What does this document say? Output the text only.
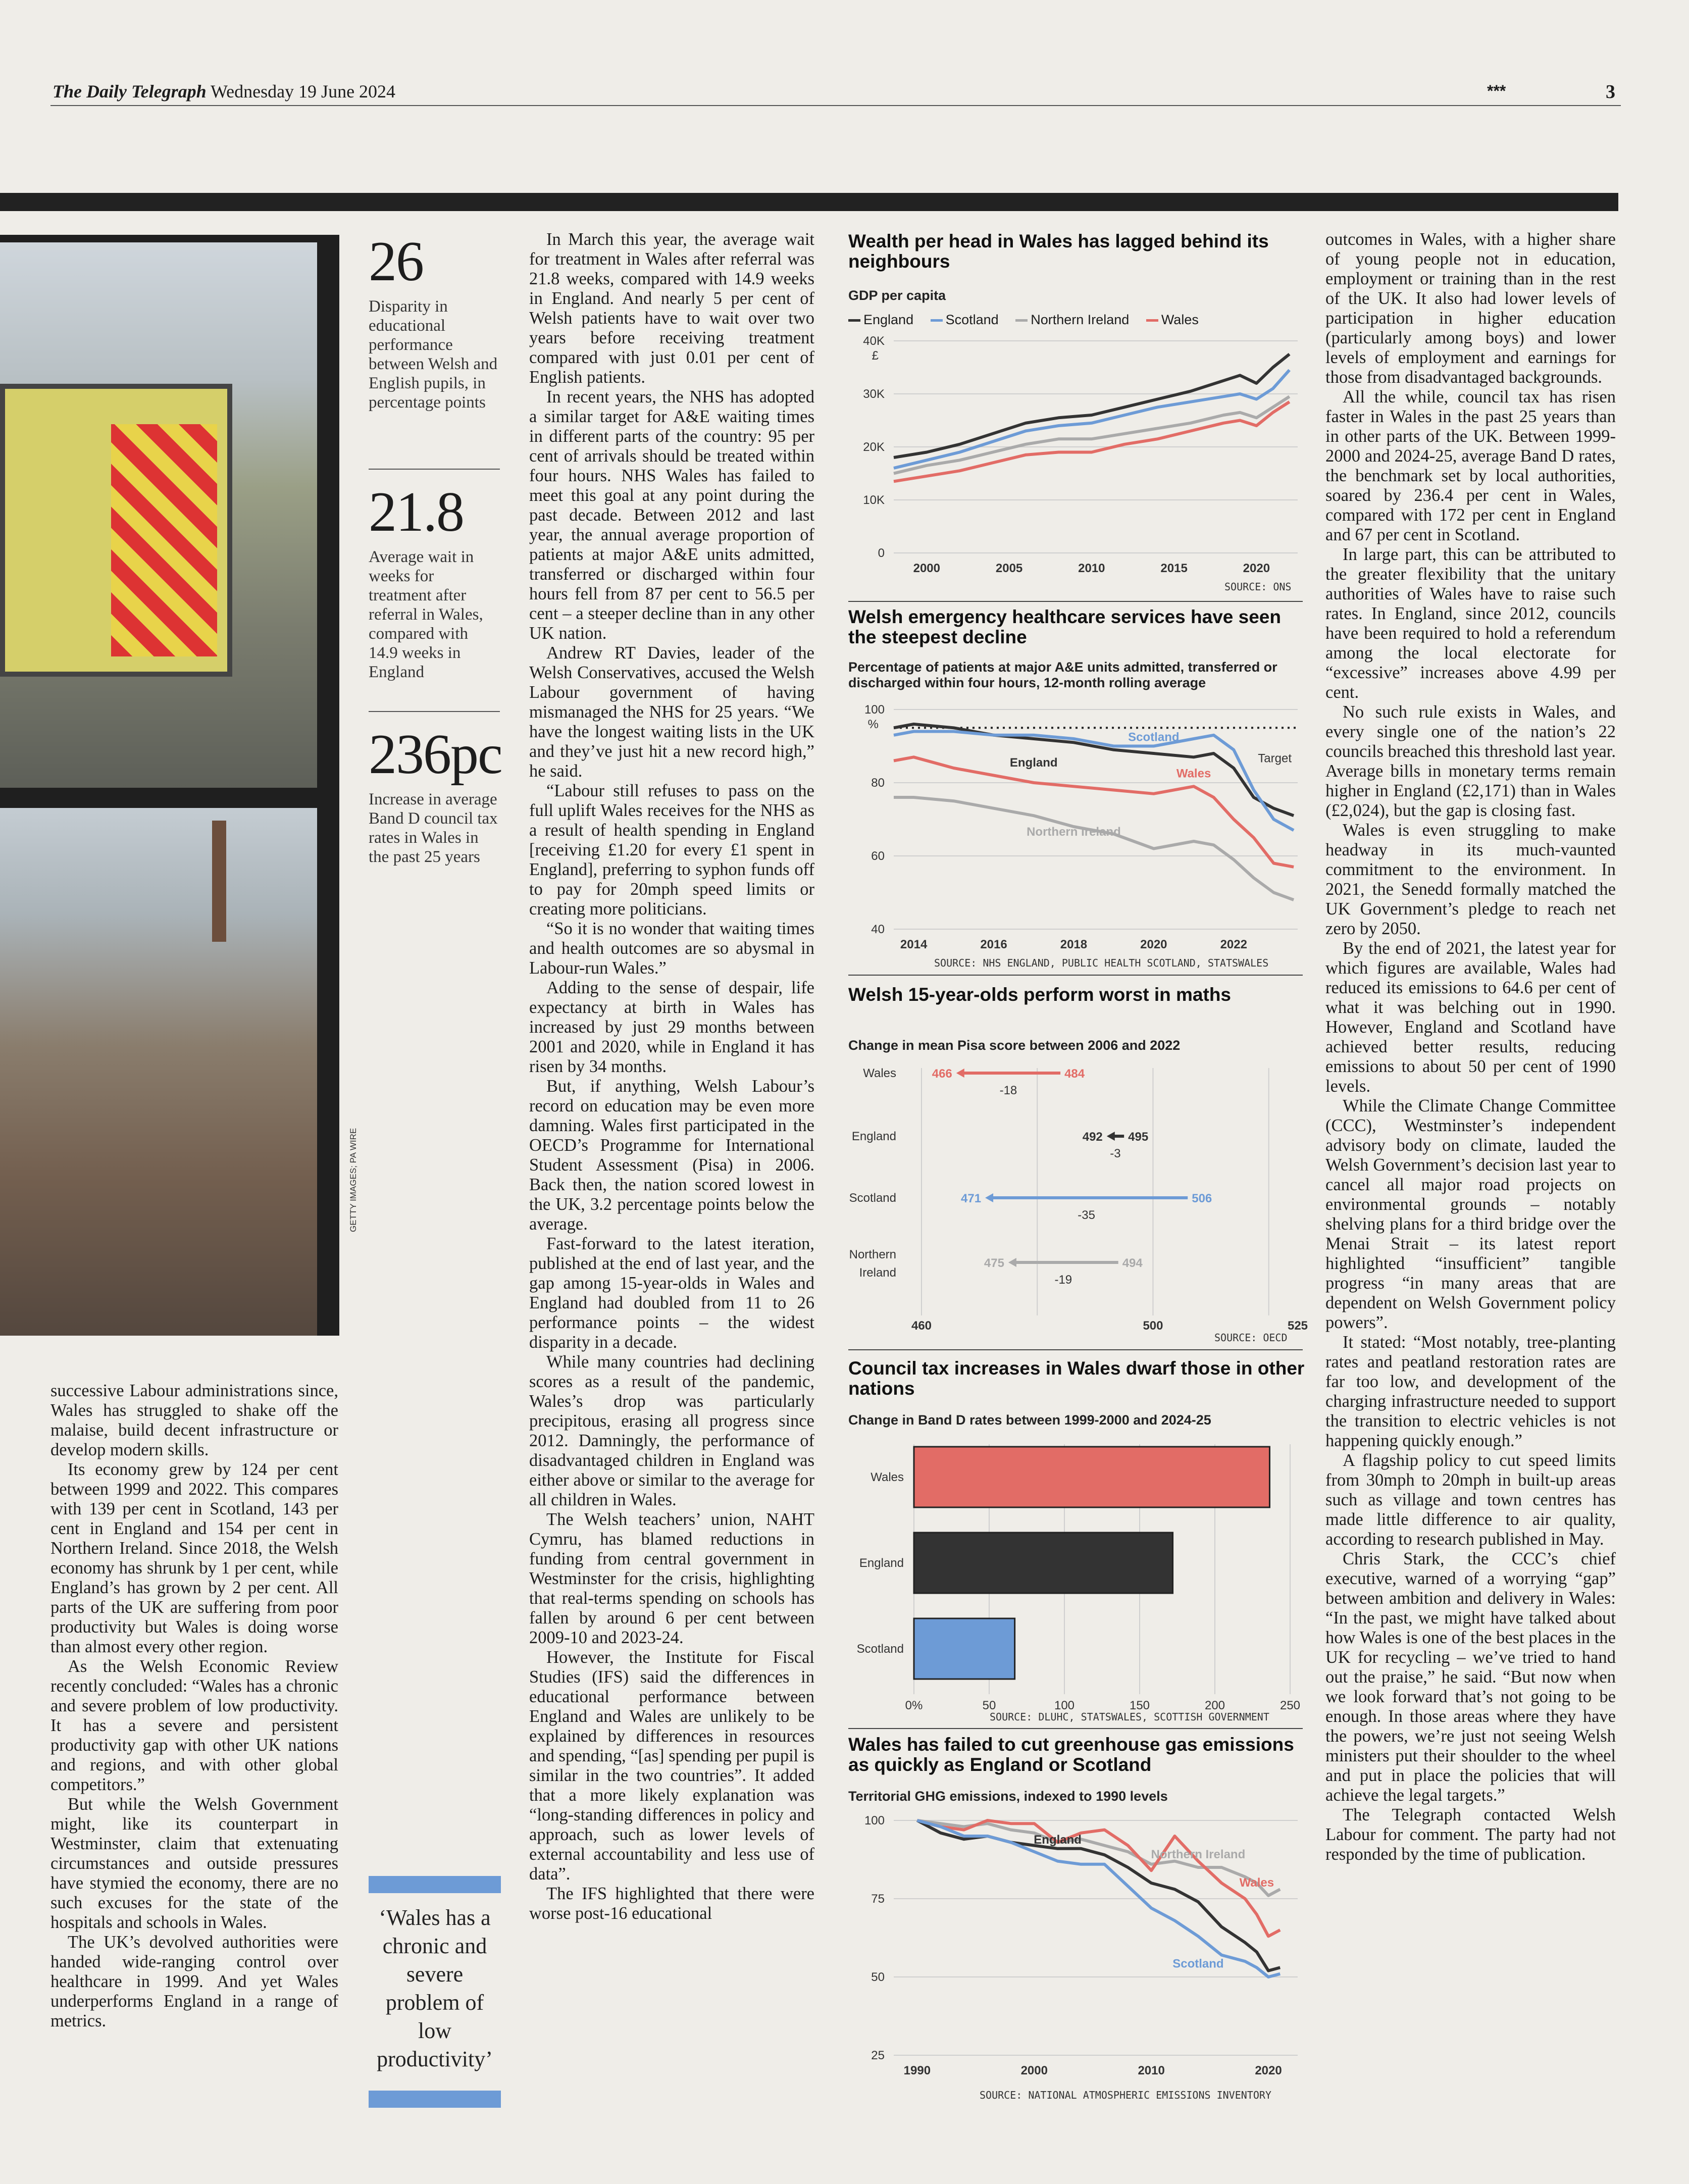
The Daily Telegraph Wednesday 19 June 2024	***	3
GETTY IMAGES; PA WIRE
26
Disparity in educational performance between Welsh and English pupils, in percentage points
21.8
Average wait in weeks for treatment after referral in Wales, compared with 14.9 weeks in England
236pc
Increase in average Band D council tax rates in Wales in the past 25 years
‘Wales has a chronic and severe problem of low productivity’

successive Labour administrations since, Wales has struggled to shake off the malaise, build decent infrastructure or develop modern skills.

Its economy grew by 124 per cent between 1999 and 2022. This compares with 139 per cent in Scotland, 143 per cent in England and 154 per cent in Northern Ireland. Since 2018, the Welsh economy has shrunk by 1 per cent, while England’s has grown by 2 per cent. All parts of the UK are suffering from poor productivity but Wales is doing worse than almost every other region.

As the Welsh Economic Review recently concluded: “Wales has a chronic and severe problem of low productivity. It has a severe and persistent productivity gap with other UK nations and regions, and with other global competitors.”

But while the Welsh Government might, like its counterpart in Westminster, claim that extenuating circumstances and outside pressures have stymied the economy, there are no such excuses for the state of the hospitals and schools in Wales.

The UK’s devolved authorities were handed wide-ranging control over healthcare in 1999. And yet Wales underperforms England in a range of metrics.

In March this year, the average wait for treatment in Wales after referral was 21.8 weeks, compared with 14.9 weeks in England. And nearly 5 per cent of Welsh patients have to wait over two years before receiving treatment compared with just 0.01 per cent of English patients.

In recent years, the NHS has adopted a similar target for A&E waiting times in different parts of the country: 95 per cent of arrivals should be treated within four hours. NHS Wales has failed to meet this goal at any point during the past decade. Between 2012 and last year, the annual average proportion of patients at major A&E units admitted, transferred or discharged within four hours fell from 87 per cent to 56.5 per cent – a steeper decline than in any other UK nation.

Andrew RT Davies, leader of the Welsh Conservatives, accused the Welsh Labour government of having mismanaged the NHS for 25 years. “We have the longest waiting lists in the UK and they’ve just hit a new record high,” he said.

“Labour still refuses to pass on the full uplift Wales receives for the NHS as a result of health spending in England [receiving £1.20 for every £1 spent in England], preferring to syphon funds off to pay for 20mph speed limits or creating more politicians.

“So it is no wonder that waiting times and health outcomes are so abysmal in Labour-run Wales.”

Adding to the sense of despair, life expectancy at birth in Wales has increased by just 29 months between 2001 and 2020, while in England it has risen by 34 months.

But, if anything, Welsh Labour’s record on education may be even more damning. Wales first participated in the OECD’s Programme for International Student Assessment (Pisa) in 2006. Back then, the nation scored lowest in the UK, 3.2 percentage points below the average.

Fast-forward to the latest iteration, published at the end of last year, and the gap among 15-year-olds in Wales and England had doubled from 11 to 26 performance points – the widest disparity in a decade.

While many countries had declining scores as a result of the pandemic, Wales’s drop was particularly precipitous, erasing all progress since 2012. Damningly, the performance of disadvantaged children in England was either above or similar to the average for all children in Wales.

The Welsh teachers’ union, NAHT Cymru, has blamed reductions in funding from central government in Westminster for the crisis, highlighting that real-terms spending on schools has fallen by around 6 per cent between 2009-10 and 2023-24.

However, the Institute for Fiscal Studies (IFS) said the differences in educational performance between England and Wales are unlikely to be explained by differences in resources and spending, “[as] spending per pupil is similar in the two countries”. It added that a more likely explanation was “long-standing differences in policy and approach, such as lower levels of external accountability and less use of data”.

The IFS highlighted that there were worse post-16 educational

outcomes in Wales, with a higher share of young people not in education, employment or training than in the rest of the UK. It also had lower levels of participation in higher education (particularly among boys) and lower levels of employment and earnings for those from disadvantaged backgrounds.

All the while, council tax has risen faster in Wales in the past 25 years than in other parts of the UK. Between 1999-2000 and 2024-25, average Band D rates, the benchmark set by local authorities, soared by 236.4 per cent in Wales, compared with 172 per cent in England and 67 per cent in Scotland.

In large part, this can be attributed to the greater flexibility that the unitary authorities of Wales have to raise such rates. In England, since 2012, councils have been required to hold a referendum among the local electorate for “excessive” increases above 4.99 per cent.

No such rule exists in Wales, and every single one of the nation’s 22 councils breached this threshold last year. Average bills in monetary terms remain higher in England (£2,171) than in Wales (£2,024), but the gap is closing fast.

Wales is even struggling to make headway in its much-vaunted commitment to the environment. In 2021, the Senedd formally matched the UK Government’s pledge to reach net zero by 2050.

By the end of 2021, the latest year for which figures are available, Wales had reduced its emissions to 64.6 per cent of what it was belching out in 1990. However, England and Scotland have achieved better results, reducing emissions to about 50 per cent of 1990 levels.

While the Climate Change Committee (CCC), Westminster’s independent advisory body on climate, lauded the Welsh Government’s decision last year to cancel all major road projects on environmental grounds – notably shelving plans for a third bridge over the Menai Strait – its latest report highlighted “insufficient” tangible progress “in many areas that are dependent on Welsh Government policy powers”.

It stated: “Most notably, tree-planting rates and peatland restoration rates are far too low, and development of the charging infrastructure needed to support the transition to electric vehicles is not happening quickly enough.”

A flagship policy to cut speed limits from 30mph to 20mph in built-up areas such as village and town centres has made little difference to air quality, according to research published in May.

Chris Stark, the CCC’s chief executive, warned of a worrying “gap” between ambition and delivery in Wales: “In the past, we might have talked about how Wales is one of the best places in the UK for recycling – we’ve tried to hand out the praise,” he said. “But now when we look forward that’s not going to be enough. In those areas where they have the powers, we’re just not seeing Welsh ministers put their shoulder to the wheel and put in place the policies that will achieve the legal targets.”

The Telegraph contacted Welsh Labour for comment. The party had not responded by the time of publication.

Wealth per head in Wales has lagged behind its neighbours
GDP per capita
England Scotland Northern Ireland Wales
0
10K
20K
30K
40K
2000	2005	2010	2015	2020
£
SOURCE: ONS
Welsh emergency healthcare services have seen the steepest decline
Percentage of patients at major A&E units admitted, transferred or discharged within four hours, 12-month rolling average
40
60
80
100
2014	2016	2018	2020	2022
Target
England
Scotland
Wales
Northern Ireland
%
SOURCE: NHS ENGLAND, PUBLIC HEALTH SCOTLAND, STATSWALES
Welsh 15-year-olds perform worst in maths
Change in mean Pisa score between 2006 and 2022
460	500	525
Wales	466	484
-18
England	492 495
-3
Scotland	471	506
-35
Northern
Ireland
475	494
-19
SOURCE: OECD
Council tax increases in Wales dwarf those in other nations
Change in Band D rates between 1999-2000 and 2024-25
0%	50	100	150	200	250
Wales
England
Scotland
SOURCE: DLUHC, STATSWALES, SCOTTISH GOVERNMENT
Wales has failed to cut greenhouse gas emissions as quickly as England or Scotland
Territorial GHG emissions, indexed to 1990 levels
25
50
75
100
1990	2000	2010	2020
Northern Ireland
Wales
England
Scotland
SOURCE: NATIONAL ATMOSPHERIC EMISSIONS INVENTORY
